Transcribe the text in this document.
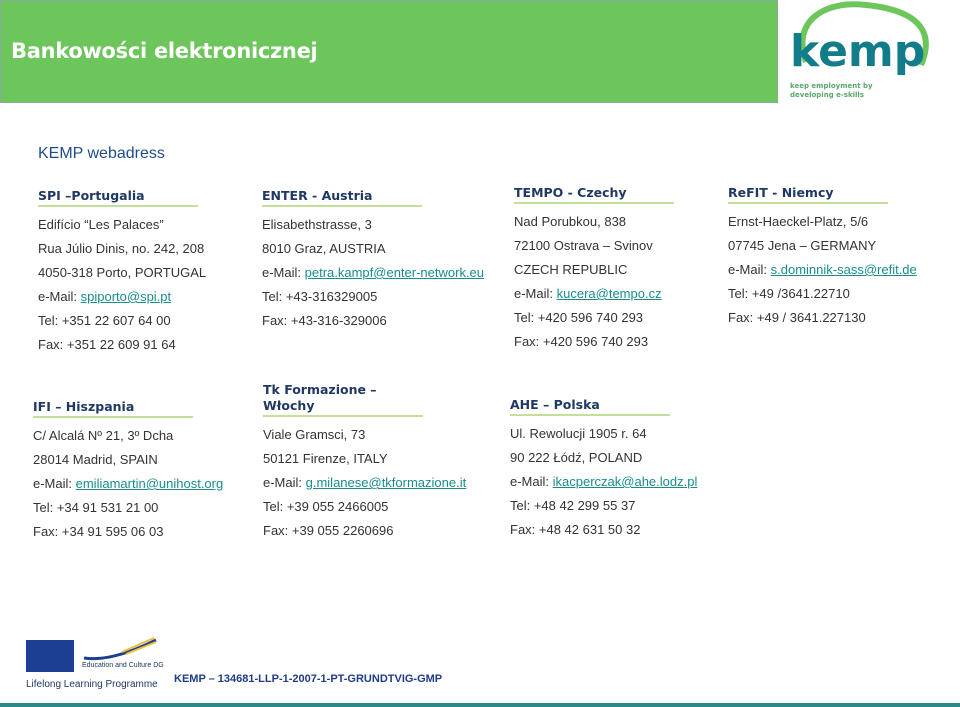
Bankowości elektronicznej	kemp
keep employment by
developing e-skills
KEMP webadress
SPI –Portugalia
Edifício “Les Palaces”
Rua Júlio Dinis, no. 242, 208
4050-318 Porto, PORTUGAL
e-Mail: spiporto@spi.pt
Tel: +351 22 607 64 00
Fax: +351 22 609 91 64
ENTER - Austria
Elisabethstrasse, 3
8010 Graz, AUSTRIA
e-Mail: petra.kampf@enter-network.eu
Tel: +43-316329005
Fax: +43-316-329006
TEMPO - Czechy
Nad Porubkou, 838
72100 Ostrava – Svinov
CZECH REPUBLIC
e-Mail: kucera@tempo.cz
Tel: +420 596 740 293
Fax: +420 596 740 293
ReFIT - Niemcy
Ernst-Haeckel-Platz, 5/6
07745 Jena – GERMANY
e-Mail: s.dominnik-sass@refit.de
Tel: +49 /3641.22710
Fax: +49 / 3641.227130
IFI – Hiszpania
C/ Alcalá Nº 21, 3º Dcha
28014 Madrid, SPAIN
e-Mail: emiliamartin@unihost.org
Tel: +34 91 531 21 00
Fax: +34 91 595 06 03
Tk Formazione – Włochy
Viale Gramsci, 73
50121 Firenze, ITALY
e-Mail: g.milanese@tkformazione.it
Tel: +39 055 2466005
Fax: +39 055 2260696
AHE – Polska
Ul. Rewolucji 1905 r. 64
90 222 Łódź, POLAND
e-Mail: ikacperczak@ahe.lodz.pl
Tel: +48 42 299 55 37
Fax: +48 42 631 50 32
Education and Culture DG
Lifelong Learning Programme KEMP – 134681-LLP-1-2007-1-PT-GRUNDTVIG-GMP
